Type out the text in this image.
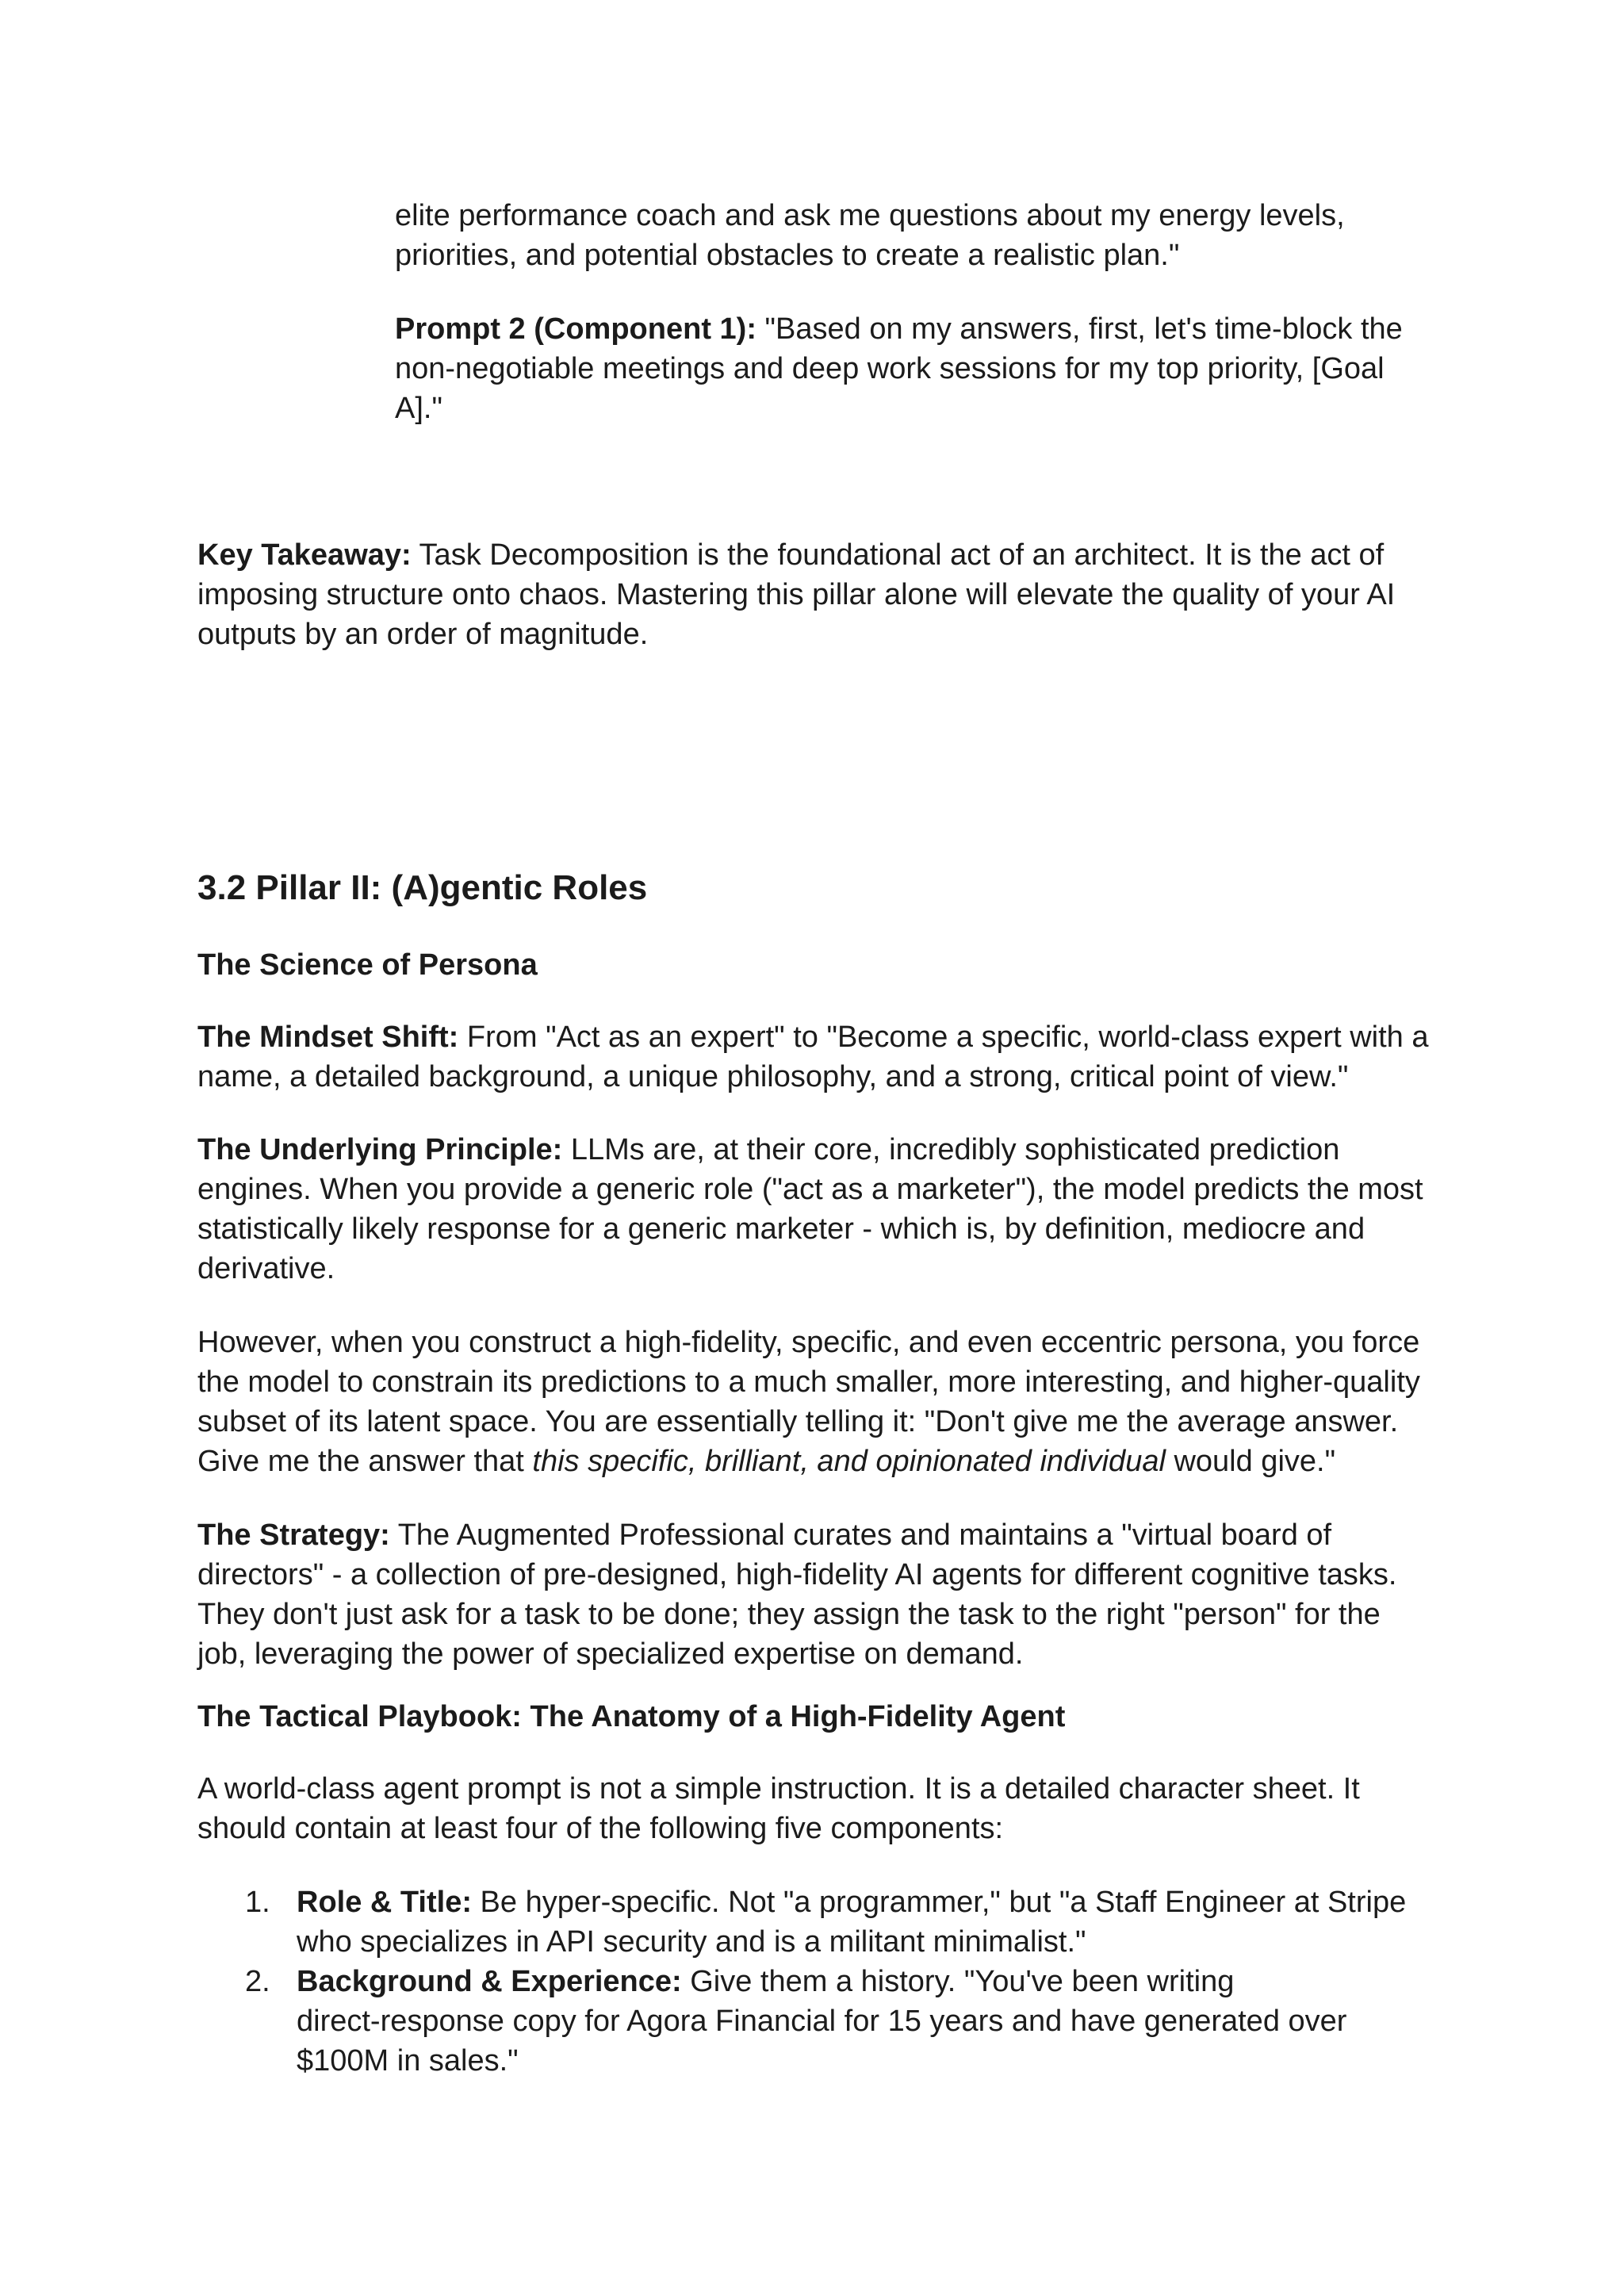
elite performance coach and ask me questions about my energy levels,
priorities, and potential obstacles to create a realistic plan."
Prompt 2 (Component 1): "Based on my answers, first, let's time-block the
non-negotiable meetings and deep work sessions for my top priority, [Goal
A]."
Key Takeaway: Task Decomposition is the foundational act of an architect. It is the act of
imposing structure onto chaos. Mastering this pillar alone will elevate the quality of your AI
outputs by an order of magnitude.
3.2 Pillar II: (A)gentic Roles
The Science of Persona
The Mindset Shift: From "Act as an expert" to "Become a specific, world-class expert with a
name, a detailed background, a unique philosophy, and a strong, critical point of view."
The Underlying Principle: LLMs are, at their core, incredibly sophisticated prediction
engines. When you provide a generic role ("act as a marketer"), the model predicts the most
statistically likely response for a generic marketer - which is, by definition, mediocre and
derivative.
However, when you construct a high-fidelity, specific, and even eccentric persona, you force
the model to constrain its predictions to a much smaller, more interesting, and higher-quality
subset of its latent space. You are essentially telling it: "Don't give me the average answer.
Give me the answer that this specific, brilliant, and opinionated individual would give."
The Strategy: The Augmented Professional curates and maintains a "virtual board of
directors" - a collection of pre-designed, high-fidelity AI agents for different cognitive tasks.
They don't just ask for a task to be done; they assign the task to the right "person" for the
job, leveraging the power of specialized expertise on demand.
The Tactical Playbook: The Anatomy of a High-Fidelity Agent
A world-class agent prompt is not a simple instruction. It is a detailed character sheet. It
should contain at least four of the following five components:
1. Role & Title: Be hyper-specific. Not "a programmer," but "a Staff Engineer at Stripe
who specializes in API security and is a militant minimalist."
2. Background & Experience: Give them a history. "You've been writing
direct-response copy for Agora Financial for 15 years and have generated over
$100M in sales."
